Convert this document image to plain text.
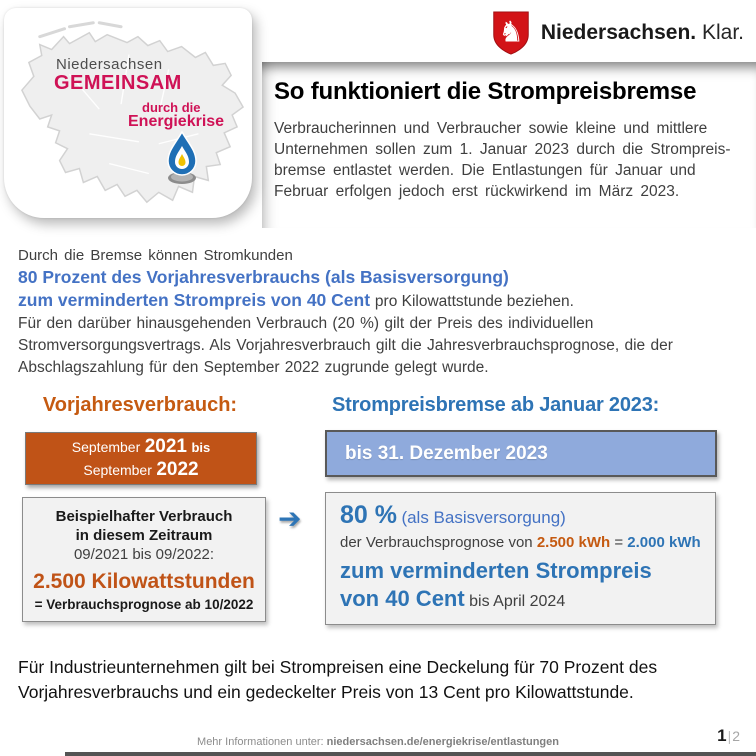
Niedersachsen
GEMEINSAM
durch die
Energiekrise
♞ Niedersachsen. Klar.
So funktioniert die Strompreisbremse
Verbraucherinnen und Verbraucher sowie kleine und mittlere
Unternehmen sollen zum 1. Januar 2023 durch die Strompreis-
bremse entlastet werden. Die Entlastungen für Januar und
Februar erfolgen jedoch erst rückwirkend im März 2023.
Durch die Bremse können Stromkunden
80 Prozent des Vorjahresverbrauchs (als Basisversorgung)
zum verminderten Strompreis von 40 Cent pro Kilowattstunde beziehen.
Für den darüber hinausgehenden Verbrauch (20 %) gilt der Preis des individuellen
Stromversorgungsvertrags. Als Vorjahresverbrauch gilt die Jahresverbrauchsprognose, die der
Abschlagszahlung für den September 2022 zugrunde gelegt wurde.
Vorjahresverbrauch:	Strompreisbremse ab Januar 2023:
September 2021 bis
September 2022
bis 31. Dezember 2023
Beispielhafter Verbrauch
in diesem Zeitraum
09/2021 bis 09/2022:
2.500 Kilowattstunden
= Verbrauchsprognose ab 10/2022
➔ 80 % (als Basisversorgung)
der Verbrauchsprognose von 2.500 kWh = 2.000 kWh
zum verminderten Strompreis
von 40 Cent bis April 2024
Für Industrieunternehmen gilt bei Strompreisen eine Deckelung für 70 Prozent des
Vorjahresverbrauchs und ein gedeckelter Preis von 13 Cent pro Kilowattstunde.
Mehr Informationen unter: niedersachsen.de/energiekrise/entlastungen	1|2
